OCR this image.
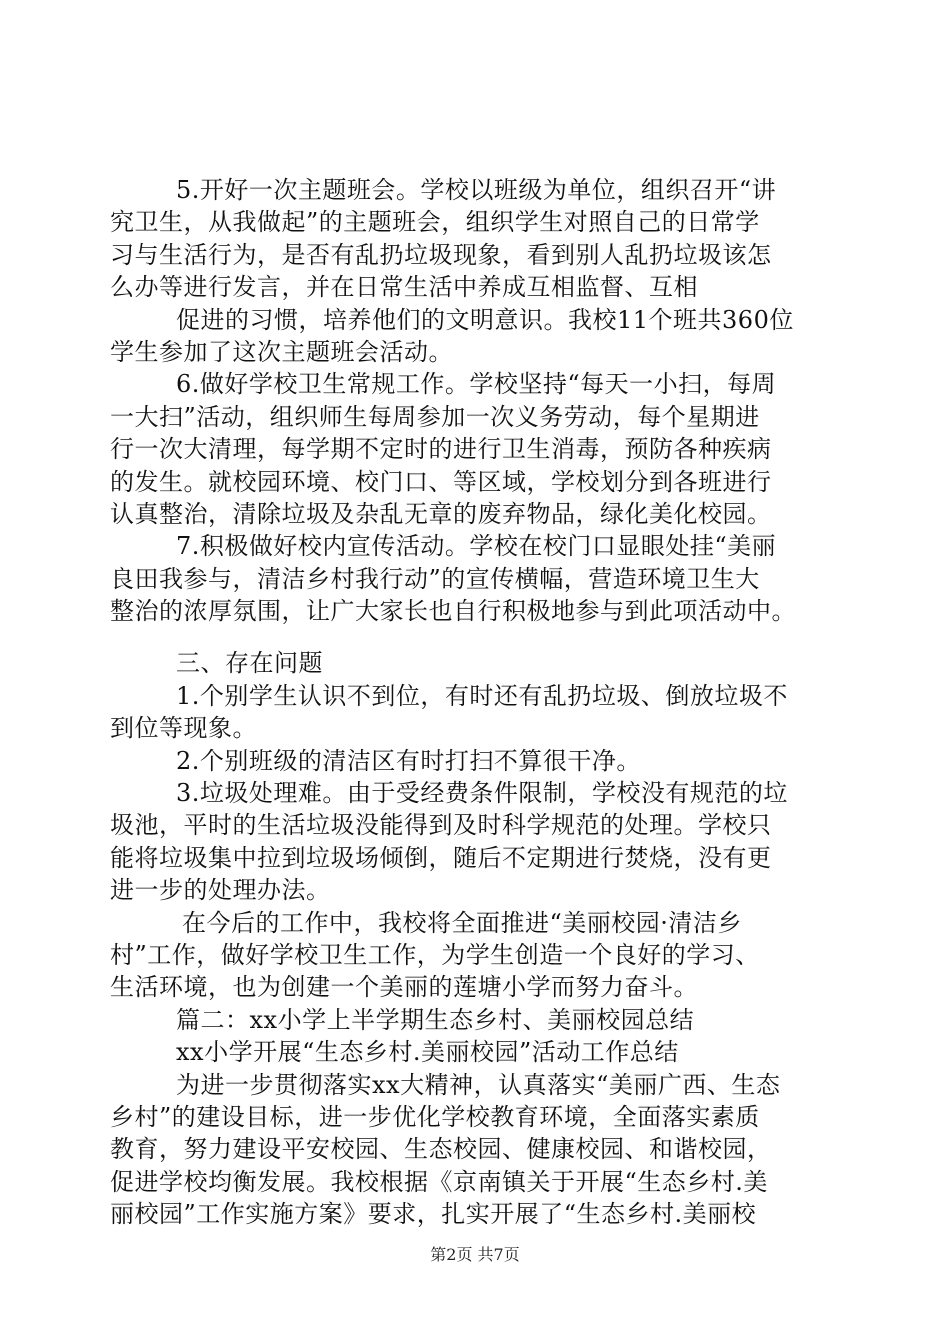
5.开好一次主题班会。学校以班级为单位，组织召开“讲
究卫生，从我做起”的主题班会，组织学生对照自己的日常学
习与生活行为，是否有乱扔垃圾现象，看到别人乱扔垃圾该怎
么办等进行发言，并在日常生活中养成互相监督、互相
促进的习惯，培养他们的文明意识。我校11个班共360位
学生参加了这次主题班会活动。
6.做好学校卫生常规工作。学校坚持“每天一小扫，每周
一大扫”活动，组织师生每周参加一次义务劳动，每个星期进
行一次大清理，每学期不定时的进行卫生消毒，预防各种疾病
的发生。就校园环境、校门口、等区域，学校划分到各班进行
认真整治，清除垃圾及杂乱无章的废弃物品，绿化美化校园。
7.积极做好校内宣传活动。学校在校门口显眼处挂“美丽
良田我参与，清洁乡村我行动”的宣传横幅，营造环境卫生大
整治的浓厚氛围，让广大家长也自行积极地参与到此项活动中。
三、存在问题
1.个别学生认识不到位，有时还有乱扔垃圾、倒放垃圾不
到位等现象。
2.个别班级的清洁区有时打扫不算很干净。
3.垃圾处理难。由于受经费条件限制，学校没有规范的垃
圾池，平时的生活垃圾没能得到及时科学规范的处理。学校只
能将垃圾集中拉到垃圾场倾倒，随后不定期进行焚烧，没有更
进一步的处理办法。
在今后的工作中，我校将全面推进“美丽校园·清洁乡
村”工作，做好学校卫生工作，为学生创造一个良好的学习、
生活环境，也为创建一个美丽的莲塘小学而努力奋斗。
篇二：xx小学上半学期生态乡村、美丽校园总结
xx小学开展“生态乡村.美丽校园”活动工作总结
为进一步贯彻落实xx大精神，认真落实“美丽广西、生态
乡村”的建设目标，进一步优化学校教育环境，全面落实素质
教育，努力建设平安校园、生态校园、健康校园、和谐校园，
促进学校均衡发展。我校根据《京南镇关于开展“生态乡村.美
丽校园”工作实施方案》要求，扎实开展了“生态乡村.美丽校
第2页 共7页
